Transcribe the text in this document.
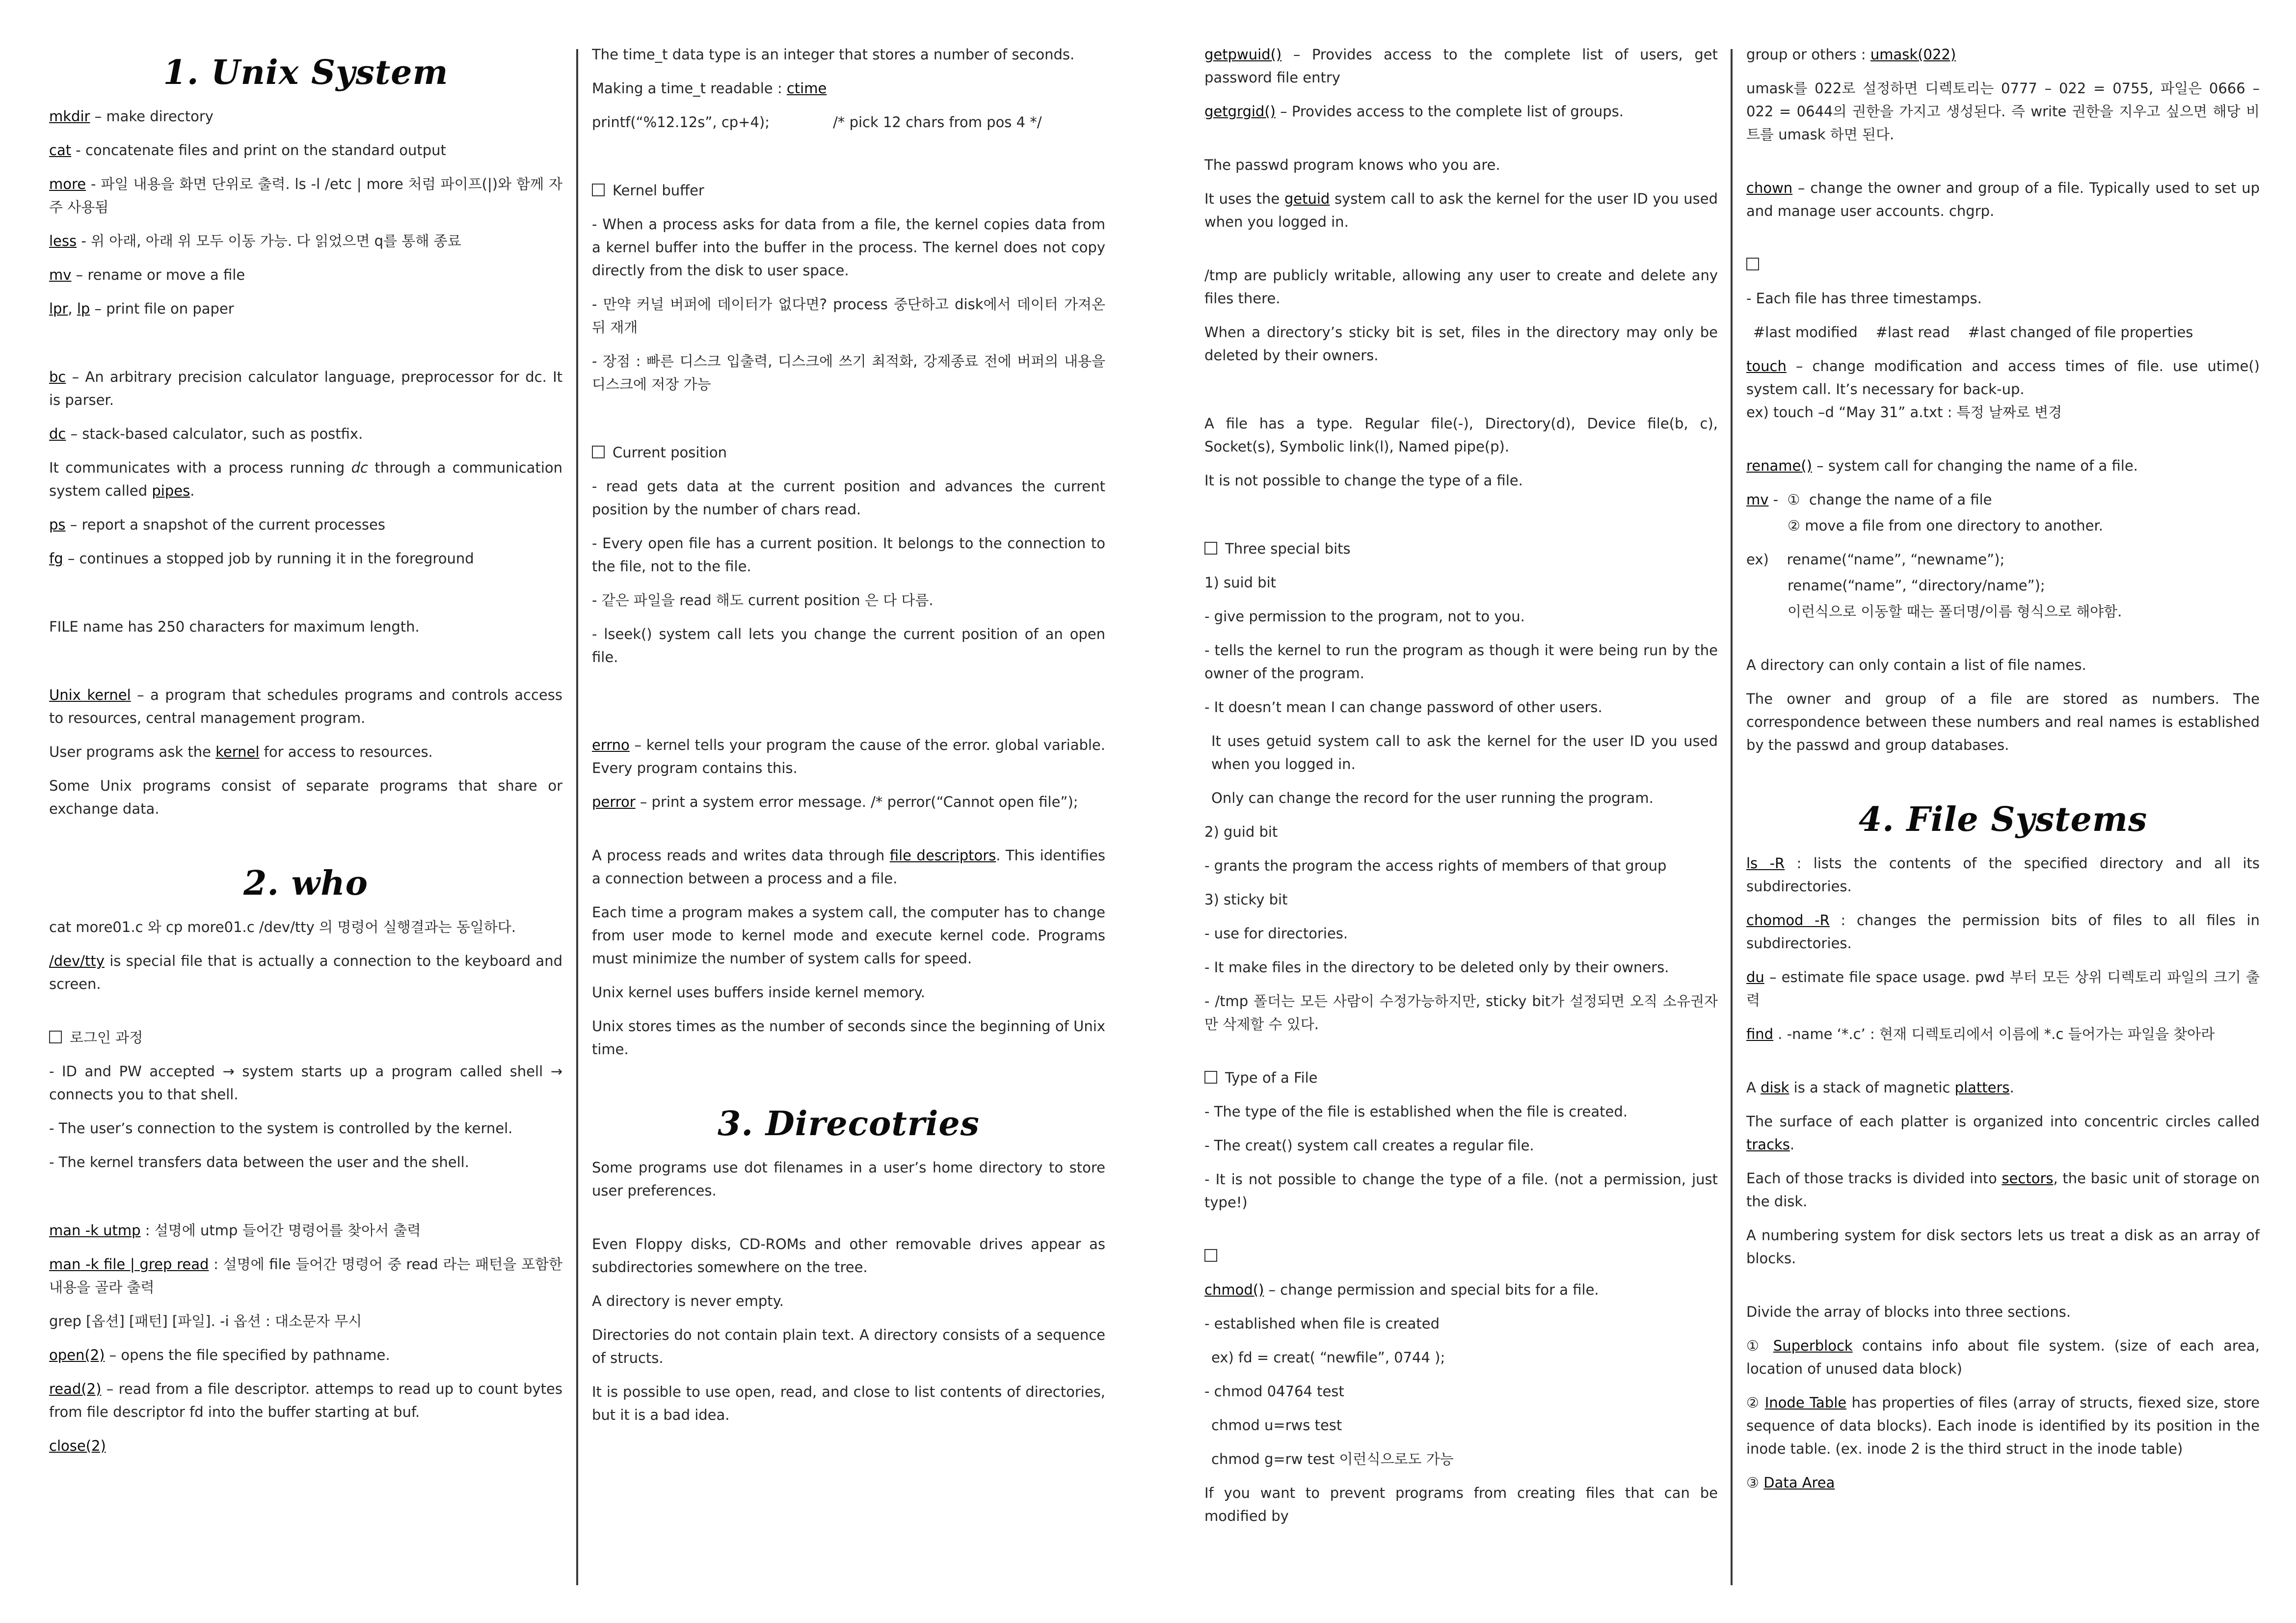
1. Unix System

mkdir – make directory

cat - concatenate files and print on the standard output

more - 파일 내용을 화면 단위로 출력. ls -l /etc | more 처럼 파이프(|)와 함께 자주 사용됨

less - 위 아래, 아래 위 모두 이동 가능. 다 읽었으면 q를 통해 종료

mv – rename or move a file

lpr, lp – print file on paper

bc – An arbitrary precision calculator language, preprocessor for dc. It is parser.

dc – stack-based calculator, such as postfix.

It communicates with a process running dc through a communication system called pipes.

ps – report a snapshot of the current processes

fg – continues a stopped job by running it in the foreground

FILE name has 250 characters for maximum length.

Unix kernel – a program that schedules programs and controls access to resources, central management program.

User programs ask the kernel for access to resources.

Some Unix programs consist of separate programs that share or exchange data.

2. who

cat more01.c 와 cp more01.c /dev/tty 의 명령어 실행결과는 동일하다.

/dev/tty is special file that is actually a connection to the keyboard and screen.

로그인 과정

- ID and PW accepted → system starts up a program called shell → connects you to that shell.

- The user’s connection to the system is controlled by the kernel.

- The kernel transfers data between the user and the shell.

man -k utmp : 설명에 utmp 들어간 명령어를 찾아서 출력

man -k file | grep read : 설명에 file 들어간 명령어 중 read 라는 패턴을 포함한 내용을 골라 출력

grep [옵션] [패턴] [파일]. -i 옵션 : 대소문자 무시

open(2) – opens the file specified by pathname.

read(2) – read from a file descriptor. attemps to read up to count bytes from file descriptor fd into the buffer starting at buf.

close(2)

The time_t data type is an integer that stores a number of seconds.

Making a time_t readable : ctime

printf(“%12.12s”, cp+4);              /* pick 12 chars from pos 4 */

Kernel buffer

- When a process asks for data from a file, the kernel copies data from a kernel buffer into the buffer in the process. The kernel does not copy directly from the disk to user space.

- 만약 커널 버퍼에 데이터가 없다면? process 중단하고 disk에서 데이터 가져온 뒤 재개

- 장점 : 빠른 디스크 입출력, 디스크에 쓰기 최적화, 강제종료 전에 버퍼의 내용을 디스크에 저장 가능

Current position

- read gets data at the current position and advances the current position by the number of chars read.

- Every open file has a current position. It belongs to the connection to the file, not to the file.

- 같은 파일을 read 해도 current position 은 다 다름.

- lseek() system call lets you change the current position of an open file.

errno – kernel tells your program the cause of the error. global variable. Every program contains this.

perror – print a system error message. /* perror(“Cannot open file”);

A process reads and writes data through file descriptors. This identifies a connection between a process and a file.

Each time a program makes a system call, the computer has to change from user mode to kernel mode and execute kernel code. Programs must minimize the number of system calls for speed.

Unix kernel uses buffers inside kernel memory.

Unix stores times as the number of seconds since the beginning of Unix time.

3. Direcotries

Some programs use dot filenames in a user’s home directory to store user preferences.

Even Floppy disks, CD-ROMs and other removable drives appear as subdirectories somewhere on the tree.

A directory is never empty.

Directories do not contain plain text. A directory consists of a sequence of structs.

It is possible to use open, read, and close to list contents of directories, but it is a bad idea.

getpwuid() – Provides access to the complete list of users, get password file entry

getgrgid() – Provides access to the complete list of groups.

The passwd program knows who you are.

It uses the getuid system call to ask the kernel for the user ID you used when you logged in.

/tmp are publicly writable, allowing any user to create and delete any files there.

When a directory’s sticky bit is set, files in the directory may only be deleted by their owners.

A file has a type. Regular file(-), Directory(d), Device file(b, c), Socket(s), Symbolic link(l), Named pipe(p).

It is not possible to change the type of a file.

Three special bits

1) suid bit

- give permission to the program, not to you.

- tells the kernel to run the program as though it were being run by the owner of the program.

- It doesn’t mean I can change password of other users.

It uses getuid system call to ask the kernel for the user ID you used when you logged in.

Only can change the record for the user running the program.

2) guid bit

- grants the program the access rights of members of that group

3) sticky bit

- use for directories.

- It make files in the directory to be deleted only by their owners.

- /tmp 폴더는 모든 사람이 수정가능하지만, sticky bit가 설정되면 오직 소유권자만 삭제할 수 있다.

Type of a File

- The type of the file is established when the file is created.

- The creat() system call creates a regular file.

- It is not possible to change the type of a file. (not a permission, just type!)

chmod() – change permission and special bits for a file.

- established when file is created

ex) fd = creat( “newfile”, 0744 );

- chmod 04764 test

chmod u=rws test

chmod g=rw test 이런식으로도 가능

If you want to prevent programs from creating files that can be modified by

group or others : umask(022)

umask를 022로 설정하면 디렉토리는 0777 – 022 = 0755, 파일은 0666 – 022 = 0644의 권한을 가지고 생성된다. 즉 write 권한을 지우고 싶으면 해당 비트를 umask 하면 된다.

chown – change the owner and group of a file. Typically used to set up and manage user accounts. chgrp.

- Each file has three timestamps.

#last modified    #last read    #last changed of file properties

touch – change modification and access times of file. use utime() system call. It’s necessary for back-up.

ex) touch –d “May 31” a.txt : 특정 날짜로 변경

rename() – system call for changing the name of a file.

mv -  ①  change the name of a file

② move a file from one directory to another.

ex)    rename(“name”, “newname”);

rename(“name”, “directory/name”);

이런식으로 이동할 때는 폴더명/이름 형식으로 해야함.

A directory can only contain a list of file names.

The owner and group of a file are stored as numbers. The correspondence between these numbers and real names is established by the passwd and group databases.

4. File Systems

ls -R : lists the contents of the specified directory and all its subdirectories.

chomod -R : changes the permission bits of files to all files in subdirectories.

du – estimate file space usage. pwd 부터 모든 상위 디렉토리 파일의 크기 출력

find . -name ‘*.c’ : 현재 디렉토리에서 이름에 *.c 들어가는 파일을 찾아라

A disk is a stack of magnetic platters.

The surface of each platter is organized into concentric circles called tracks.

Each of those tracks is divided into sectors, the basic unit of storage on the disk.

A numbering system for disk sectors lets us treat a disk as an array of blocks.

Divide the array of blocks into three sections.

① Superblock contains info about file system. (size of each area, location of unused data block)

② Inode Table has properties of files (array of structs, fiexed size, store sequence of data blocks). Each inode is identified by its position in the inode table. (ex. inode 2 is the third struct in the inode table)

③ Data Area
